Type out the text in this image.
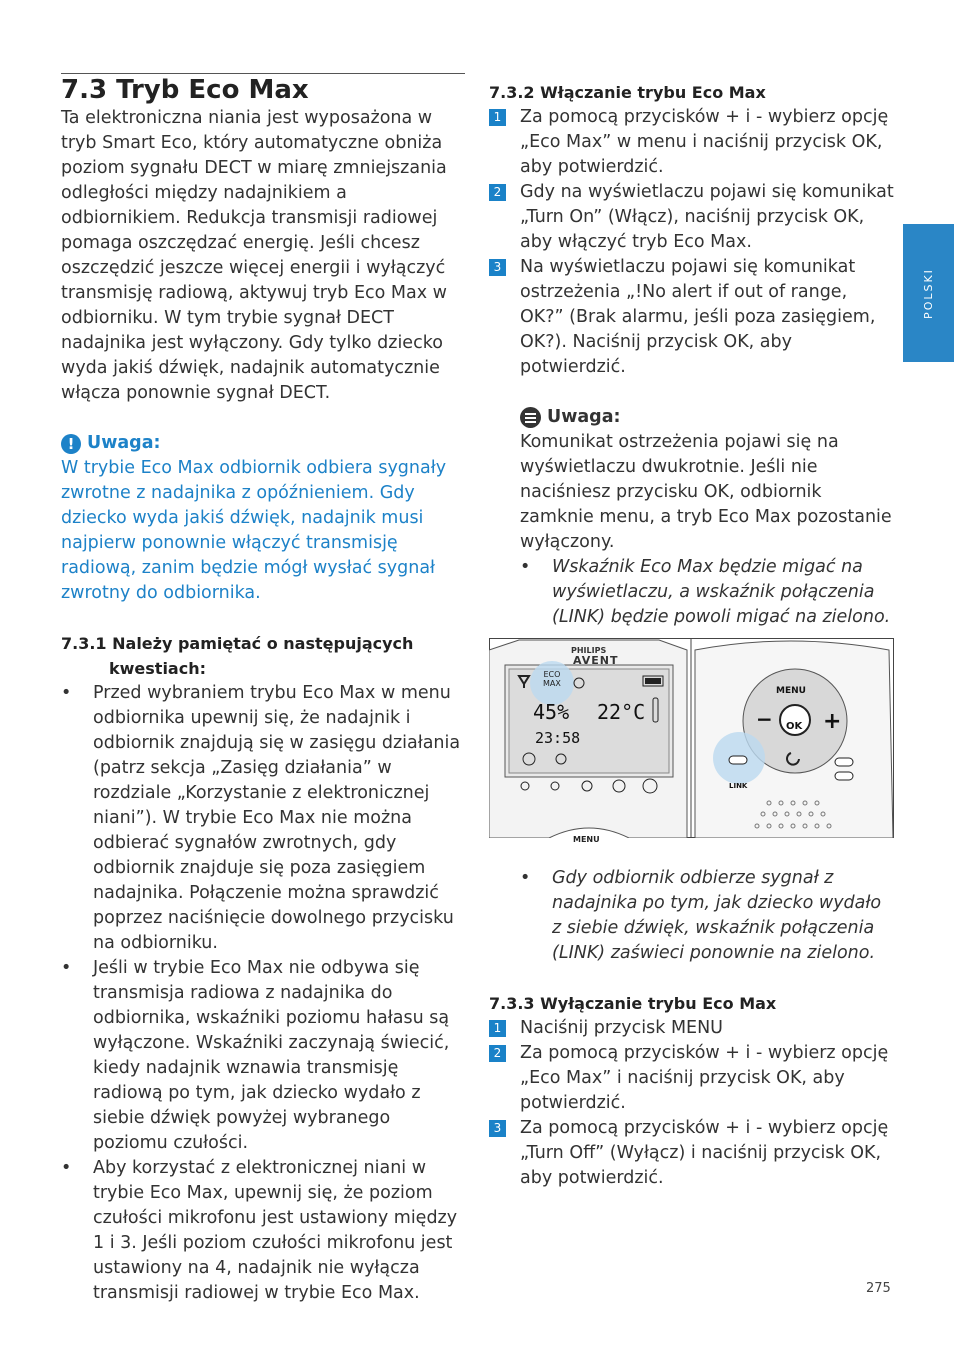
7.3 Tryb Eco Max

Ta elektroniczna niania jest wyposażona w tryb Smart Eco, który automatyczne obniża poziom sygnału DECT w miarę zmniejszania odległości między nadajnikiem a odbiornikiem. Redukcja transmisji radiowej pomaga oszczędzać energię. Jeśli chcesz oszczędzić jeszcze więcej energii i wyłączyć transmisję radiową, aktywuj tryb Eco Max w odbiorniku. W tym trybie sygnał DECT nadajnika jest wyłączony. Gdy tylko dziecko wyda jakiś dźwięk, nadajnik automatycznie włącza ponownie sygnał DECT.

! Uwaga:

W trybie Eco Max odbiornik odbiera sygnały zwrotne z nadajnika z opóźnieniem. Gdy dziecko wyda jakiś dźwięk, nadajnik musi najpierw ponownie włączyć transmisję radiową, zanim będzie mógł wysłać sygnał zwrotny do odbiornika.

7.3.1 Należy pamiętać o następujących kwestiach:
• Przed wybraniem trybu Eco Max w menu odbiornika upewnij się, że nadajnik i odbiornik znajdują się w zasięgu działania (patrz sekcja „Zasięg działania” w rozdziale „Korzystanie z elektronicznej niani”). W trybie Eco Max nie można odbierać sygnałów zwrotnych, gdy odbiornik znajduje się poza zasięgiem nadajnika. Połączenie można sprawdzić poprzez naciśnięcie dowolnego przycisku na odbiorniku.
• Jeśli w trybie Eco Max nie odbywa się transmisja radiowa z nadajnika do odbiornika, wskaźniki poziomu hałasu są wyłączone. Wskaźniki zaczynają świecić, kiedy nadajnik wznawia transmisję radiową po tym, jak dziecko wydało z siebie dźwięk powyżej wybranego poziomu czułości.
• Aby korzystać z elektronicznej niani w trybie Eco Max, upewnij się, że poziom czułości mikrofonu jest ustawiony między 1 i 3. Jeśli poziom czułości mikrofonu jest ustawiony na 4, nadajnik nie wyłącza transmisji radiowej w trybie Eco Max.
7.3.2 Włączanie trybu Eco Max
1 Za pomocą przycisków + i - wybierz opcję „Eco Max” w menu i naciśnij przycisk OK, aby potwierdzić.
2 Gdy na wyświetlaczu pojawi się komunikat „Turn On” (Włącz), naciśnij przycisk OK, aby włączyć tryb Eco Max.
3 Na wyświetlaczu pojawi się komunikat ostrzeżenia „!No alert if out of range, OK?” (Brak alarmu, jeśli poza zasięgiem, OK?). Naciśnij przycisk OK, aby potwierdzić.
Uwaga:

Komunikat ostrzeżenia pojawi się na wyświetlaczu dwukrotnie. Jeśli nie naciśniesz przycisku OK, odbiornik zamknie menu, a tryb Eco Max pozostanie wyłączony.

• Wskaźnik Eco Max będzie migać na wyświetlaczu, a wskaźnik połączenia (LINK) będzie powoli migać na zielono.
− +
PHILIPS
AVENT
ECO
MAX
45% 22°C
23:58
MENU
MENU
OK
LINK
• Gdy odbiornik odbierze sygnał z nadajnika po tym, jak dziecko wydało z siebie dźwięk, wskaźnik połączenia (LINK) zaświeci ponownie na zielono.
7.3.3 Wyłączanie trybu Eco Max
1 Naciśnij przycisk MENU
2 Za pomocą przycisków + i - wybierz opcję „Eco Max” i naciśnij przycisk OK, aby potwierdzić.
3 Za pomocą przycisków + i - wybierz opcję „Turn Off” (Wyłącz) i naciśnij przycisk OK, aby potwierdzić.
POLSKI
275
